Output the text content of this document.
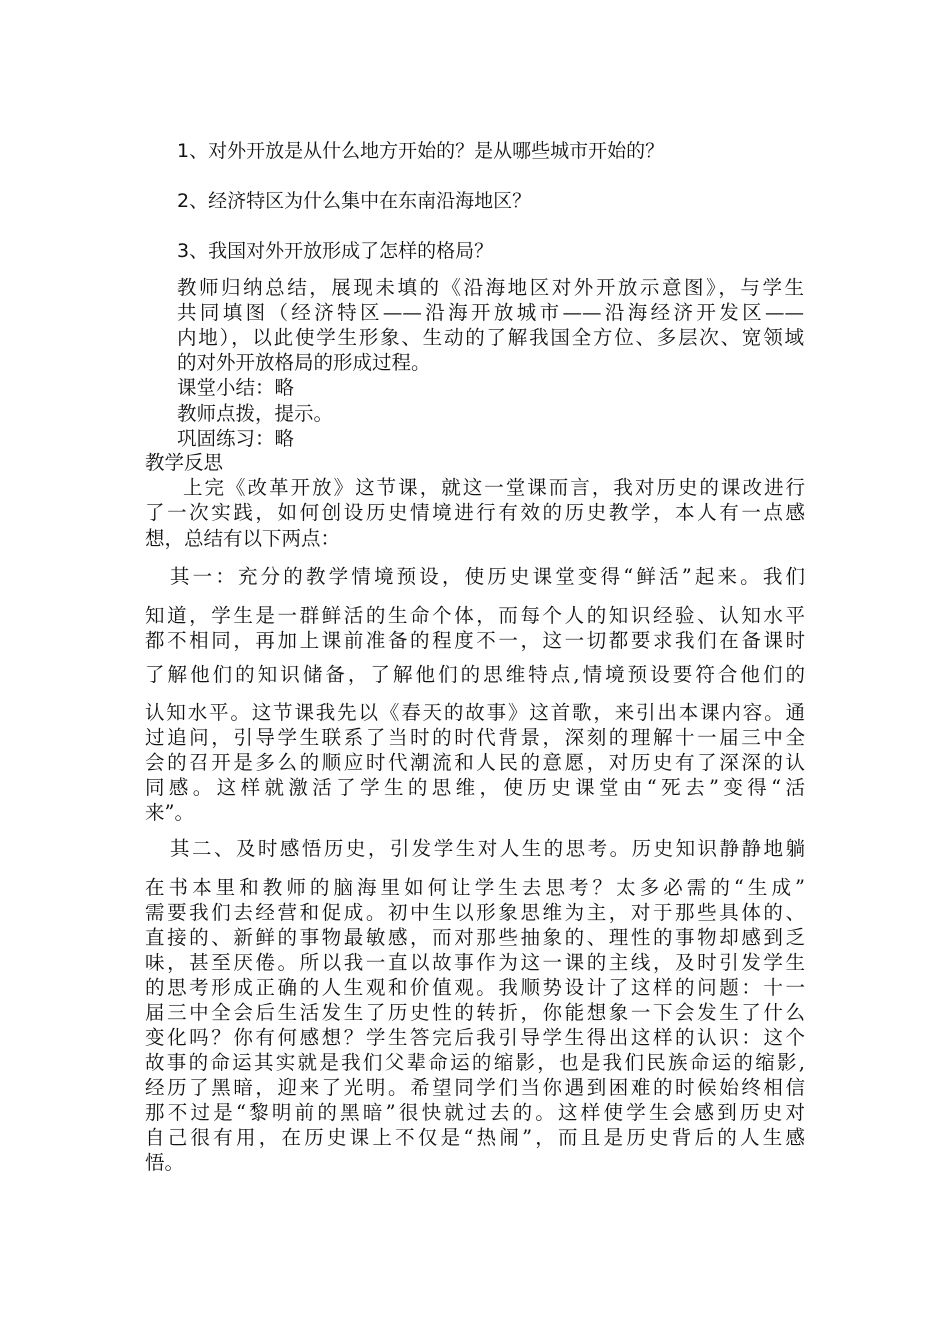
1、对外开放是从什么地方开始的？是从哪些城市开始的？
2、经济特区为什么集中在东南沿海地区？
3、我国对外开放形成了怎样的格局？
教师归纳总结，展现未填的《沿海地区对外开放示意图》，与学生
共同填图（经济特区——沿海开放城市——沿海经济开发区——
内地），以此使学生形象、生动的了解我国全方位、多层次、宽领域
的对外开放格局的形成过程。
课堂小结：略
教师点拨，提示。
巩固练习：略
教学反思
上完《改革开放》这节课，就这一堂课而言，我对历史的课改进行
了一次实践，如何创设历史情境进行有效的历史教学，本人有一点感
想，总结有以下两点：
其一：充分的教学情境预设，使历史课堂变得“鲜活”起来。我们
知道，学生是一群鲜活的生命个体，而每个人的知识经验、认知水平
都不相同，再加上课前准备的程度不一，这一切都要求我们在备课时
了解他们的知识储备，了解他们的思维特点,情境预设要符合他们的
认知水平。这节课我先以《春天的故事》这首歌，来引出本课内容。通
过追问，引导学生联系了当时的时代背景，深刻的理解十一届三中全
会的召开是多么的顺应时代潮流和人民的意愿，对历史有了深深的认
同感。这样就激活了学生的思维，使历史课堂由“死去”变得“活
来”。
其二、及时感悟历史，引发学生对人生的思考。历史知识静静地躺
在书本里和教师的脑海里如何让学生去思考？太多必需的“生成”
需要我们去经营和促成。初中生以形象思维为主，对于那些具体的、
直接的、新鲜的事物最敏感，而对那些抽象的、理性的事物却感到乏
味，甚至厌倦。所以我一直以故事作为这一课的主线，及时引发学生
的思考形成正确的人生观和价值观。我顺势设计了这样的问题：十一
届三中全会后生活发生了历史性的转折，你能想象一下会发生了什么
变化吗？你有何感想？学生答完后我引导学生得出这样的认识：这个
故事的命运其实就是我们父辈命运的缩影，也是我们民族命运的缩影,
经历了黑暗，迎来了光明。希望同学们当你遇到困难的时候始终相信
那不过是“黎明前的黑暗”很快就过去的。这样使学生会感到历史对
自己很有用，在历史课上不仅是“热闹”，而且是历史背后的人生感
悟。
